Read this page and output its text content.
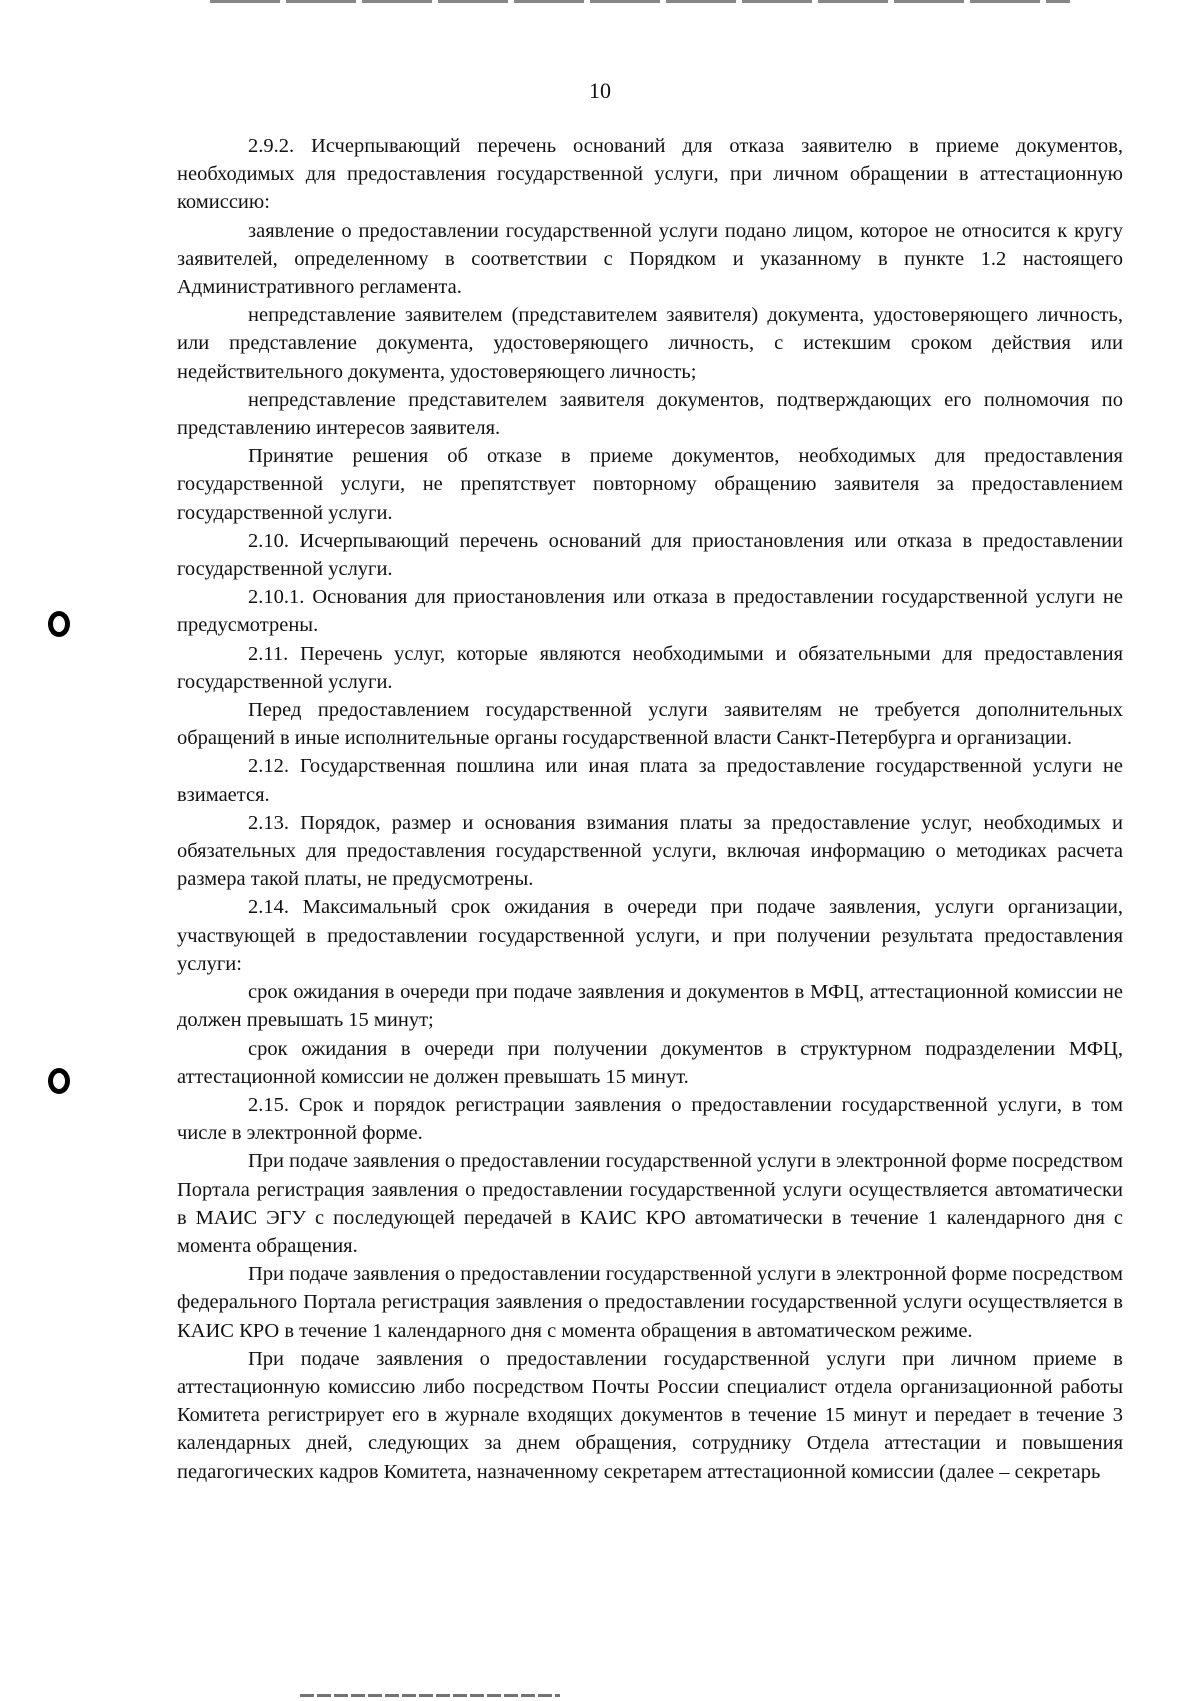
10

2.9.2. Исчерпывающий перечень оснований для отказа заявителю в приеме документов, необходимых для предоставления государственной услуги, при личном обращении в аттестационную комиссию:

заявление о предоставлении государственной услуги подано лицом, которое не относится к кругу заявителей, определенному в соответствии с Порядком и указанному в пункте 1.2 настоящего Административного регламента.

непредставление заявителем (представителем заявителя) документа, удостоверяющего личность, или представление документа, удостоверяющего личность, с истекшим сроком действия или недействительного документа, удостоверяющего личность;

непредставление представителем заявителя документов, подтверждающих его полномочия по представлению интересов заявителя.

Принятие решения об отказе в приеме документов, необходимых для предоставления государственной услуги, не препятствует повторному обращению заявителя за предоставлением государственной услуги.

2.10. Исчерпывающий перечень оснований для приостановления или отказа в предоставлении государственной услуги.

2.10.1. Основания для приостановления или отказа в предоставлении государственной услуги не предусмотрены.

2.11. Перечень услуг, которые являются необходимыми и обязательными для предоставления государственной услуги.

Перед предоставлением государственной услуги заявителям не требуется дополнительных обращений в иные исполнительные органы государственной власти Санкт-Петербурга и организации.

2.12. Государственная пошлина или иная плата за предоставление государственной услуги не взимается.

2.13. Порядок, размер и основания взимания платы за предоставление услуг, необходимых и обязательных для предоставления государственной услуги, включая информацию о методиках расчета размера такой платы, не предусмотрены.

2.14. Максимальный срок ожидания в очереди при подаче заявления, услуги организации, участвующей в предоставлении государственной услуги, и при получении результата предоставления услуги:

срок ожидания в очереди при подаче заявления и документов в МФЦ, аттестационной комиссии не должен превышать 15 минут;

срок ожидания в очереди при получении документов в структурном подразделении МФЦ, аттестационной комиссии не должен превышать 15 минут.

2.15. Срок и порядок регистрации заявления о предоставлении государственной услуги, в том числе в электронной форме.

При подаче заявления о предоставлении государственной услуги в электронной форме посредством Портала регистрация заявления о предоставлении государственной услуги осуществляется автоматически в МАИС ЭГУ с последующей передачей в КАИС КРО автоматически в течение 1 календарного дня с момента обращения.

При подаче заявления о предоставлении государственной услуги в электронной форме посредством федерального Портала регистрация заявления о предоставлении государственной услуги осуществляется в КАИС КРО в течение 1 календарного дня с момента обращения в автоматическом режиме.

При подаче заявления о предоставлении государственной услуги при личном приеме в аттестационную комиссию либо посредством Почты России специалист отдела организационной работы Комитета регистрирует его в журнале входящих документов в течение 15 минут и передает в течение 3 календарных дней, следующих за днем обращения, сотруднику Отдела аттестации и повышения педагогических кадров Комитета, назначенному секретарем аттестационной комиссии (далее – секретарь
